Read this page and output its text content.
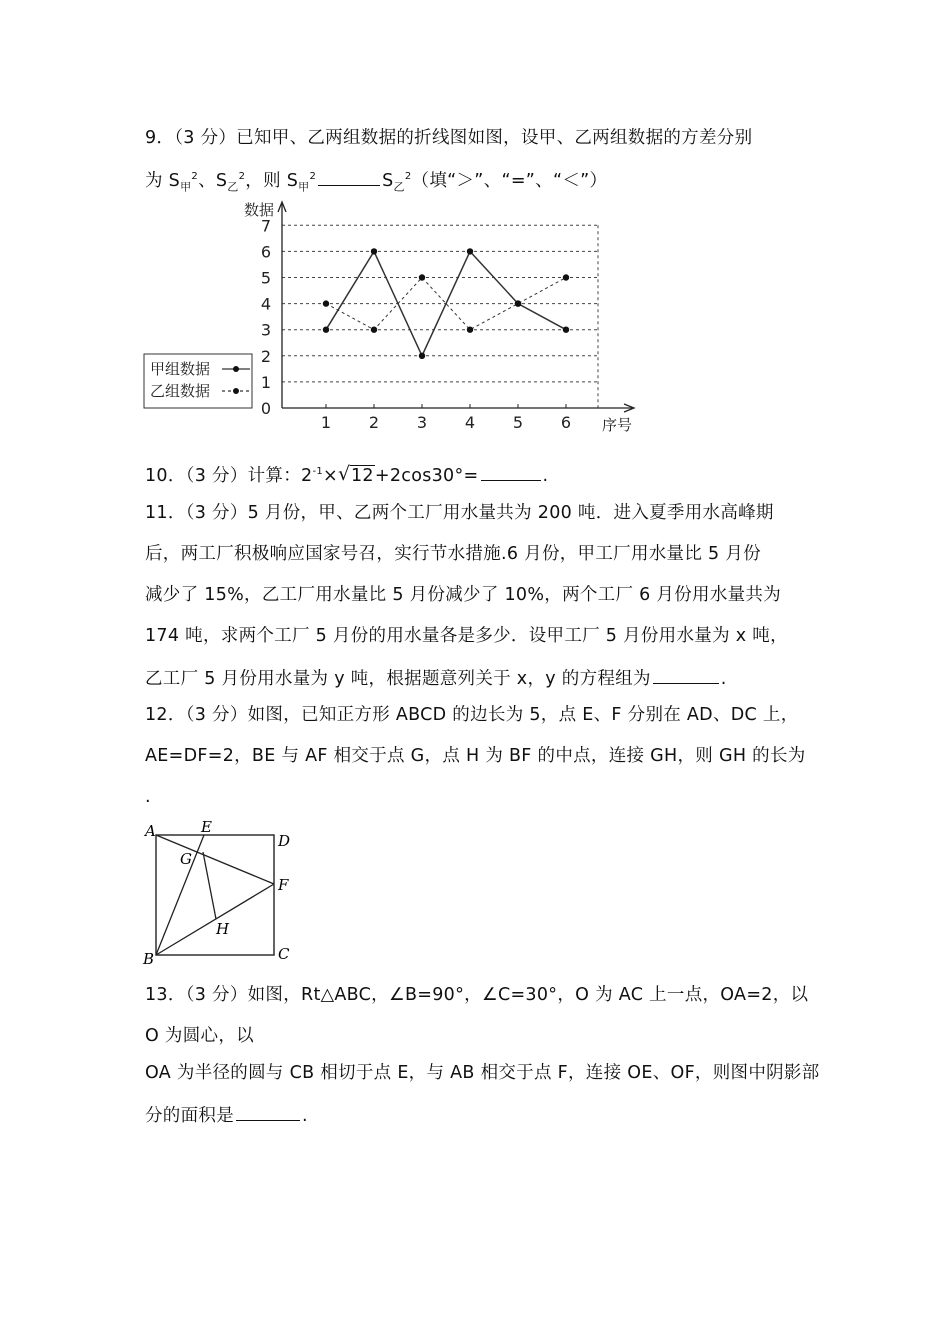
9．（3 分）已知甲、乙两组数据的折线图如图，设甲、乙两组数据的方差分别
为 $S_甲^2$、$S_乙^2$，则 $S_甲^2$	$S_乙^2$（填“＞”、“=”、“＜”）
0
1
2
3
4
5
6
7
1 2 3 4 5 6
数据
序号
甲组数据
乙组数据
10．（3 分）计算：$2^{-1}\times$ √ 12+2cos30°=	.
11．（3 分）5 月份，甲、乙两个工厂用水量共为 200 吨．进入夏季用水高峰期
后，两工厂积极响应国家号召，实行节水措施.6 月份，甲工厂用水量比 5 月份
减少了 15%，乙工厂用水量比 5 月份减少了 10%，两个工厂 6 月份用水量共为
174 吨，求两个工厂 5 月份的用水量各是多少．设甲工厂 5 月份用水量为 x 吨，
乙工厂 5 月份用水量为 y 吨，根据题意列关于 x，y 的方程组为	.
12．（3 分）如图，已知正方形 ABCD 的边长为 5，点 E、F 分别在 AD、DC 上，
AE=DF=2，BE 与 AF 相交于点 G，点 H 为 BF 的中点，连接 GH，则 GH 的长为
.
A	E
D
G
F
H
B	C
13．（3 分）如图，Rt△ABC，∠B=90°，∠C=30°，O 为 AC 上一点，OA=2，以
O 为圆心，以
OA 为半径的圆与 CB 相切于点 E，与 AB 相交于点 F，连接 OE、OF，则图中阴影部
分的面积是	.
